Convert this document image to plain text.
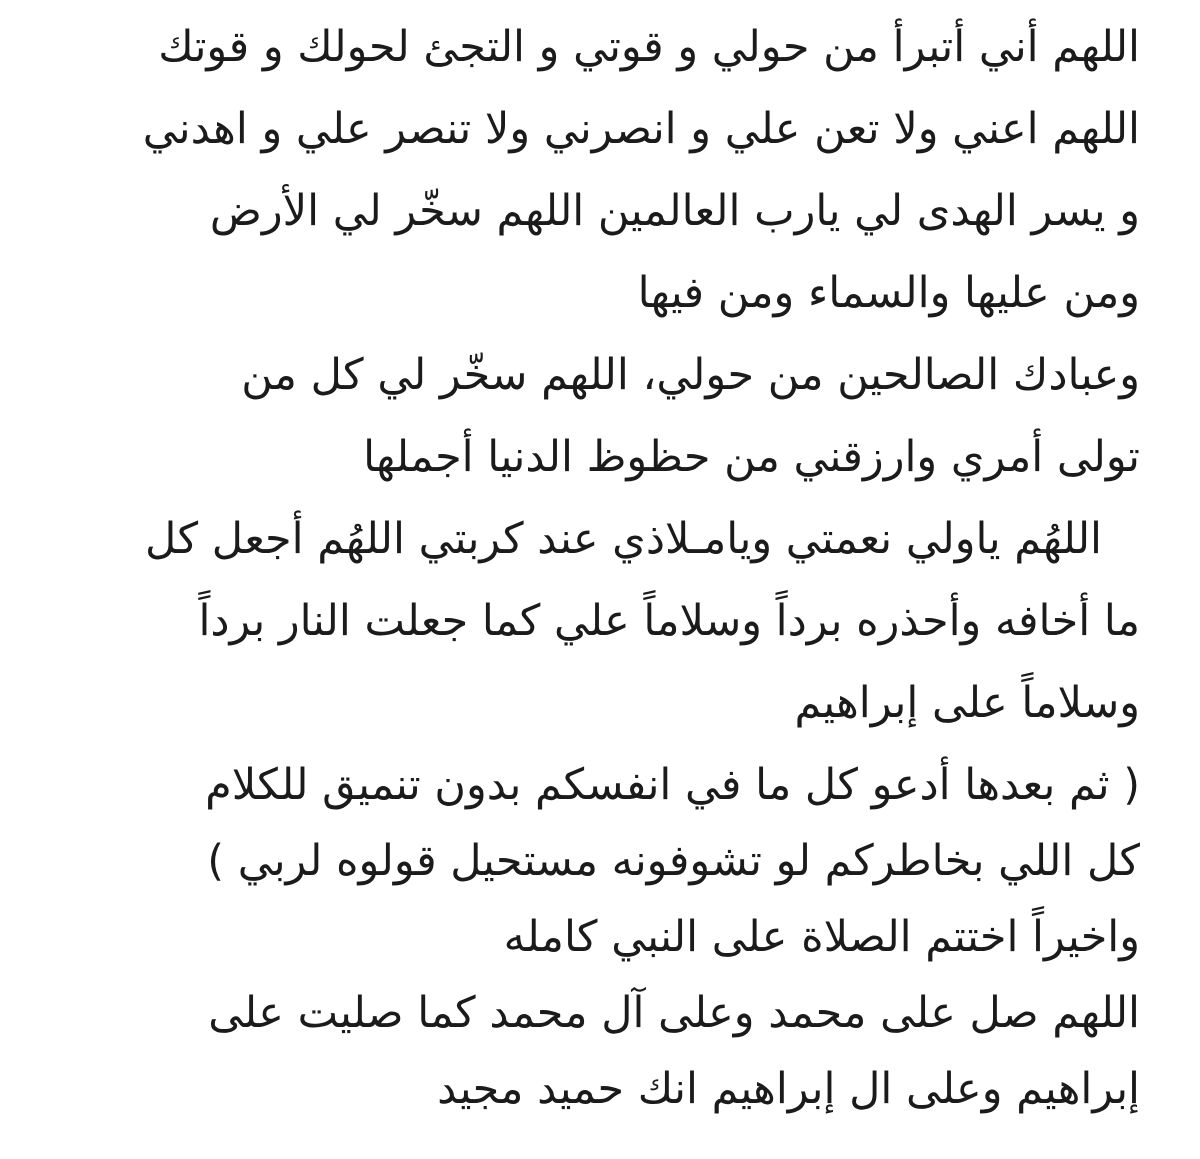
اللهم أني أتبرأ من حولي و قوتي و التجئ لحولك و قوتك
اللهم اعني ولا تعن علي و انصرني ولا تنصر علي و اهدني
و يسر الهدى لي يارب العالمين اللهم سخّر لي الأرض
ومن عليها والسماء ومن فيها
وعبادك الصالحين من حولي، اللهم سخّر لي كل من
تولى أمري وارزقني من حظوظ الدنيا أجملها
اللهُم ياولي نعمتي ويامـلاذي عند كربتي اللهُم أجعل كل
ما أخافه وأحذره برداً وسلاماً علي كما جعلت النار برداً
وسلاماً على إبراهيم
( ثم بعدها أدعو كل ما في انفسكم بدون تنميق للكلام
كل اللي بخاطركم لو تشوفونه مستحيل قولوه لربي )
واخيراً اختتم الصلاة على النبي كامله
اللهم صل على محمد وعلى آل محمد كما صليت على
إبراهيم وعلى ال إبراهيم انك حميد مجيد
